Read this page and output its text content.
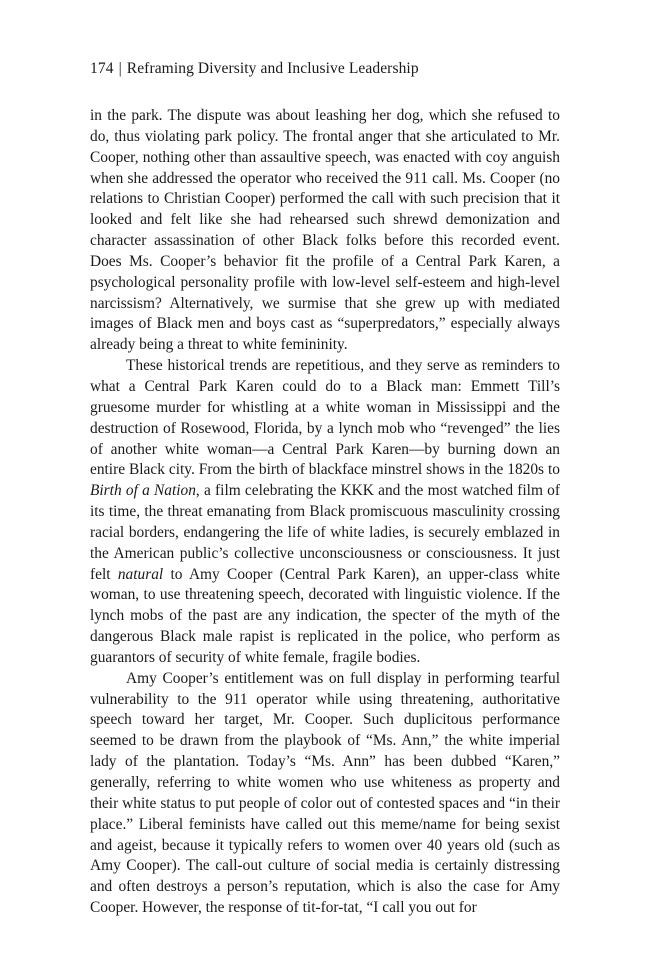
174 | Reframing Diversity and Inclusive Leadership

in the park. The dispute was about leashing her dog, which she refused to do, thus violating park policy. The frontal anger that she articulated to Mr. Cooper, nothing other than assaultive speech, was enacted with coy anguish when she addressed the operator who received the 911 call. Ms. Cooper (no relations to Christian Cooper) performed the call with such precision that it looked and felt like she had rehearsed such shrewd demonization and character assassination of other Black folks before this recorded event. Does Ms. Cooper’s behavior fit the profile of a Central Park Karen, a psychological personality profile with low-level self-esteem and high-level narcissism? Alternatively, we surmise that she grew up with mediated images of Black men and boys cast as “superpredators,” especially always already being a threat to white femininity.

These historical trends are repetitious, and they serve as reminders to what a Central Park Karen could do to a Black man: Emmett Till’s gruesome murder for whistling at a white woman in Mississippi and the destruction of Rosewood, Florida, by a lynch mob who “revenged” the lies of another white woman—a Central Park Karen—by burning down an entire Black city. From the birth of blackface minstrel shows in the 1820s to Birth of a Nation, a film celebrating the KKK and the most watched film of its time, the threat emanating from Black promiscuous masculinity crossing racial borders, endangering the life of white ladies, is securely emblazed in the American public’s collective unconsciousness or consciousness. It just felt natural to Amy Cooper (Central Park Karen), an upper-class white woman, to use threatening speech, decorated with linguistic violence. If the lynch mobs of the past are any indication, the specter of the myth of the dangerous Black male rapist is replicated in the police, who perform as guarantors of security of white female, fragile bodies.

Amy Cooper’s entitlement was on full display in performing tearful vulnerability to the 911 operator while using threatening, authoritative speech toward her target, Mr. Cooper. Such duplicitous performance seemed to be drawn from the playbook of “Ms. Ann,” the white imperial lady of the plantation. Today’s “Ms. Ann” has been dubbed “Karen,” generally, referring to white women who use whiteness as property and their white status to put people of color out of contested spaces and “in their place.” Liberal feminists have called out this meme/name for being sexist and ageist, because it typically refers to women over 40 years old (such as Amy Cooper). The call-out culture of social media is certainly distressing and often destroys a person’s reputation, which is also the case for Amy Cooper. However, the response of tit-for-tat, “I call you out for
